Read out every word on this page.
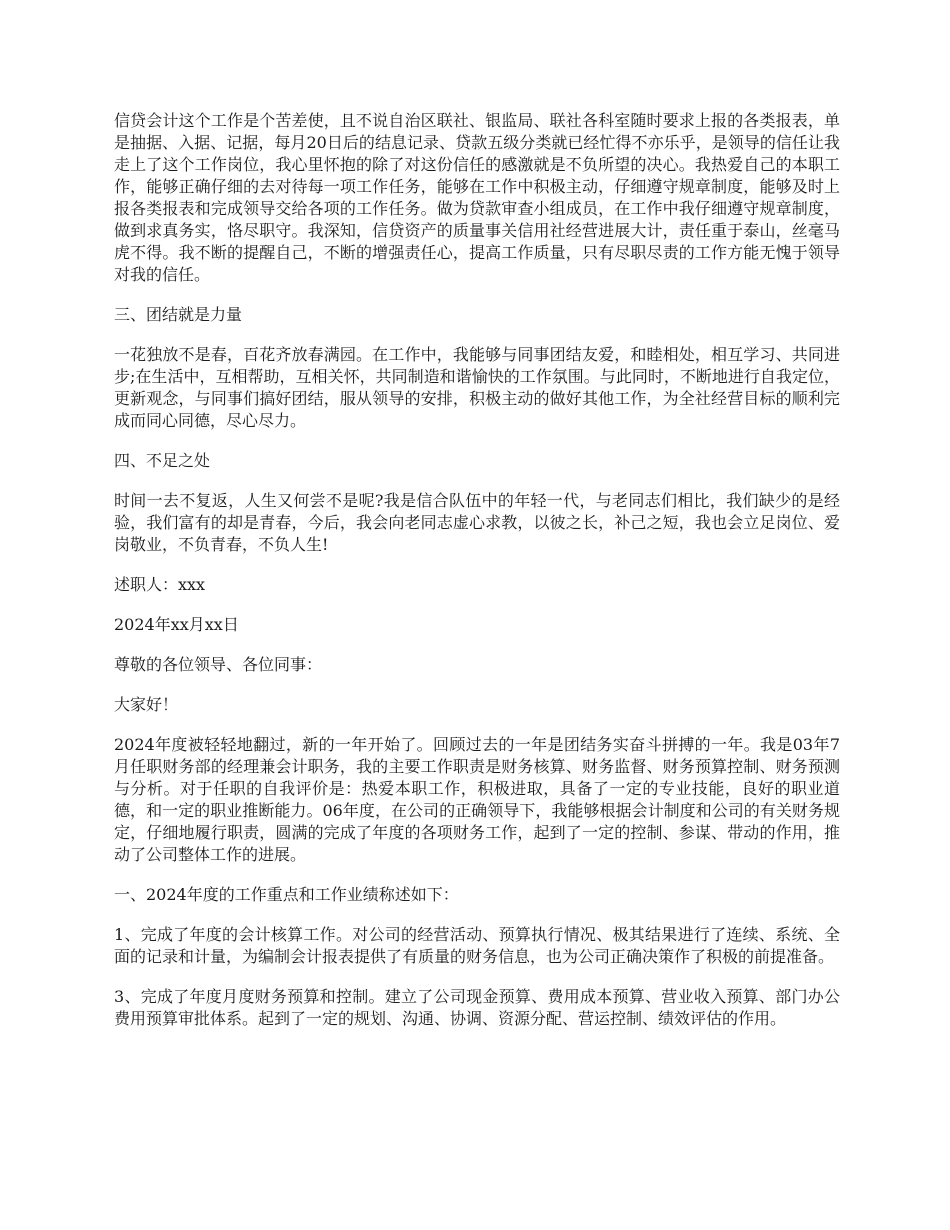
信贷会计这个工作是个苦差使，且不说自治区联社、银监局、联社各科室随时要求上报的各类报表，单是抽据、入据、记据，每月20日后的结息记录、贷款五级分类就已经忙得不亦乐乎，是领导的信任让我走上了这个工作岗位，我心里怀抱的除了对这份信任的感激就是不负所望的决心。我热爱自己的本职工作，能够正确仔细的去对待每一项工作任务，能够在工作中积极主动，仔细遵守规章制度，能够及时上报各类报表和完成领导交给各项的工作任务。做为贷款审查小组成员，在工作中我仔细遵守规章制度，做到求真务实，恪尽职守。我深知，信贷资产的质量事关信用社经营进展大计，责任重于泰山，丝毫马虎不得。我不断的提醒自己，不断的增强责任心，提高工作质量，只有尽职尽责的工作方能无愧于领导对我的信任。

三、团结就是力量

一花独放不是春，百花齐放春满园。在工作中，我能够与同事团结友爱，和睦相处，相互学习、共同进步;在生活中，互相帮助，互相关怀，共同制造和谐愉快的工作氛围。与此同时，不断地进行自我定位，更新观念，与同事们搞好团结，服从领导的安排，积极主动的做好其他工作，为全社经营目标的顺利完成而同心同德，尽心尽力。

四、不足之处

时间一去不复返，人生又何尝不是呢?我是信合队伍中的年轻一代，与老同志们相比，我们缺少的是经验，我们富有的却是青春，今后，我会向老同志虚心求教，以彼之长，补己之短，我也会立足岗位、爱岗敬业，不负青春，不负人生!

述职人：xxx

2024年xx月xx日

尊敬的各位领导、各位同事：

大家好！

2024年度被轻轻地翻过，新的一年开始了。回顾过去的一年是团结务实奋斗拼搏的一年。我是03年7月任职财务部的经理兼会计职务，我的主要工作职责是财务核算、财务监督、财务预算控制、财务预测与分析。对于任职的自我评价是：热爱本职工作，积极进取，具备了一定的专业技能，良好的职业道德，和一定的职业推断能力。06年度，在公司的正确领导下，我能够根据会计制度和公司的有关财务规定，仔细地履行职责，圆满的完成了年度的各项财务工作，起到了一定的控制、参谋、带动的作用，推动了公司整体工作的进展。

一、2024年度的工作重点和工作业绩称述如下：

1、完成了年度的会计核算工作。对公司的经营活动、预算执行情况、极其结果进行了连续、系统、全面的记录和计量，为编制会计报表提供了有质量的财务信息，也为公司正确决策作了积极的前提准备。

3、完成了年度月度财务预算和控制。建立了公司现金预算、费用成本预算、营业收入预算、部门办公费用预算审批体系。起到了一定的规划、沟通、协调、资源分配、营运控制、绩效评估的作用。
